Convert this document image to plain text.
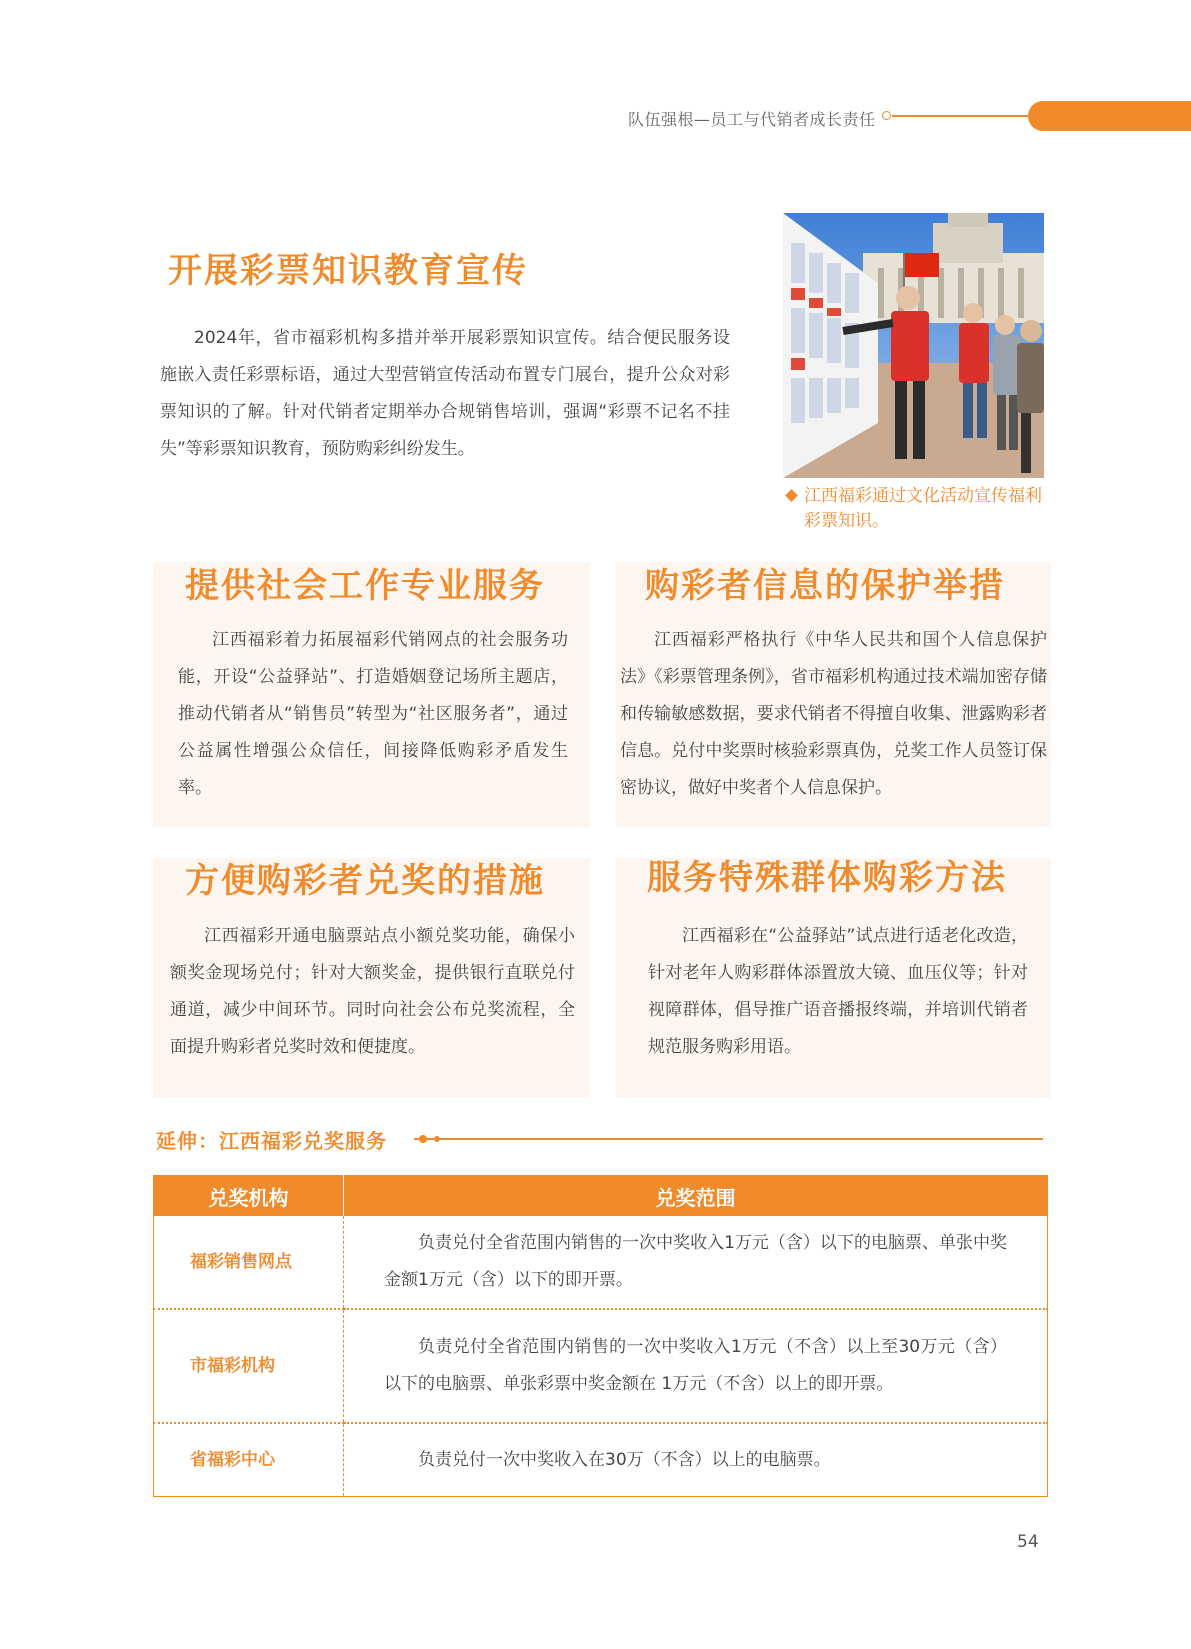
队伍强根—员工与代销者成长责任
开展彩票知识教育宣传
2024年，省市福彩机构多措并举开展彩票知识宣传。结合便民服务设施嵌入责任彩票标语，通过大型营销宣传活动布置专门展台，提升公众对彩票知识的了解。针对代销者定期举办合规销售培训，强调“彩票不记名不挂失”等彩票知识教育，预防购彩纠纷发生。
江西福彩通过文化活动宣传福利彩票知识。
提供社会工作专业服务
江西福彩着力拓展福彩代销网点的社会服务功能，开设“公益驿站”、打造婚姻登记场所主题店，推动代销者从“销售员”转型为“社区服务者”，通过公益属性增强公众信任，间接降低购彩矛盾发生率。
购彩者信息的保护举措
江西福彩严格执行《中华人民共和国个人信息保护法》《彩票管理条例》，省市福彩机构通过技术端加密存储和传输敏感数据，要求代销者不得擅自收集、泄露购彩者信息。兑付中奖票时核验彩票真伪，兑奖工作人员签订保密协议，做好中奖者个人信息保护。
方便购彩者兑奖的措施
江西福彩开通电脑票站点小额兑奖功能，确保小额奖金现场兑付；针对大额奖金，提供银行直联兑付通道，减少中间环节。同时向社会公布兑奖流程，全面提升购彩者兑奖时效和便捷度。
服务特殊群体购彩方法
江西福彩在“公益驿站”试点进行适老化改造，针对老年人购彩群体添置放大镜、血压仪等；针对视障群体，倡导推广语音播报终端，并培训代销者规范服务购彩用语。
延伸：江西福彩兑奖服务
兑奖机构	兑奖范围
福彩销售网点	负责兑付全省范围内销售的一次中奖收入1万元（含）以下的电脑票、单张中奖金额1万元（含）以下的即开票。
市福彩机构	负责兑付全省范围内销售的一次中奖收入1万元（不含）以上至30万元（含）以下的电脑票、单张彩票中奖金额在 1万元（不含）以上的即开票。
省福彩中心	负责兑付一次中奖收入在30万（不含）以上的电脑票。
54
